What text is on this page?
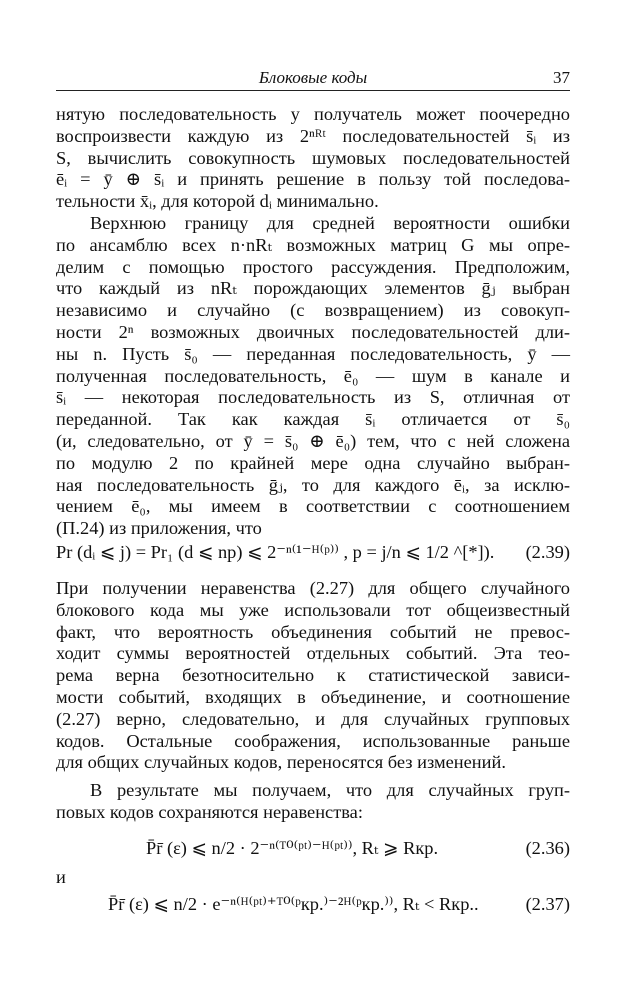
Блоковые коды	37
нятую последовательность y получатель может поочередно
воспроизвести каждую из 2ⁿᴿᵗ последовательностей s̄ᵢ из
S, вычислить совокупность шумовых последовательностей
ēᵢ = ȳ ⊕ s̄ᵢ и принять решение в пользу той последова-
тельности x̄ᵢ, для которой dᵢ минимально.
Верхнюю границу для средней вероятности ошибки
по ансамблю всех n·nRₜ возможных матриц G мы опре-
делим с помощью простого рассуждения. Предположим,
что каждый из nRₜ порождающих элементов ḡⱼ выбран
независимо и случайно (с возвращением) из совокуп-
ности 2ⁿ возможных двоичных последовательностей дли-
ны n. Пусть s̄₀ — переданная последовательность, ȳ —
полученная последовательность, ē₀ — шум в канале и
s̄ᵢ — некоторая последовательность из S, отличная от
переданной. Так как каждая s̄ᵢ отличается от s̄₀
(и, следовательно, от ȳ = s̄₀ ⊕ ē₀) тем, что с ней сложена
по модулю 2 по крайней мере одна случайно выбран-
ная последовательность ḡⱼ, то для каждого ēᵢ, за исклю-
чением ē₀, мы имеем в соответствии с соотношением
(П.24) из приложения, что
Pr (dᵢ ⩽ j) = Pr₁ (d ⩽ np) ⩽ 2⁻ⁿ⁽¹⁻ᴴ⁽ᵖ⁾⁾ , p = j/n ⩽ 1/2 ^[*]).	(2.39)
При получении неравенства (2.27) для общего случайного
блокового кода мы уже использовали тот общеизвестный
факт, что вероятность объединения событий не превос-
ходит суммы вероятностей отдельных событий. Эта тео-
рема верна безотносительно к статистической зависи-
мости событий, входящих в объединение, и соотношение
(2.27) верно, следовательно, и для случайных групповых
кодов. Остальные соображения, использованные раньше
для общих случайных кодов, переносятся без изменений.
В результате мы получаем, что для случайных груп-
повых кодов сохраняются неравенства:
P̄r̄ (ε) ⩽ n/2 · 2⁻ⁿ⁽ᵀ⁰⁽ᵖᵗ⁾⁻ᴴ⁽ᵖᵗ⁾⁾, Rₜ ⩾ Rкр.	(2.36)
и
P̄r̄ (ε) ⩽ n/2 · e⁻ⁿ⁽ᴴ⁽ᵖᵗ⁾⁺ᵀ⁰⁽ᵖкр.⁾⁻²ᴴ⁽ᵖкр.⁾⁾, Rₜ < Rкр..	(2.37)
